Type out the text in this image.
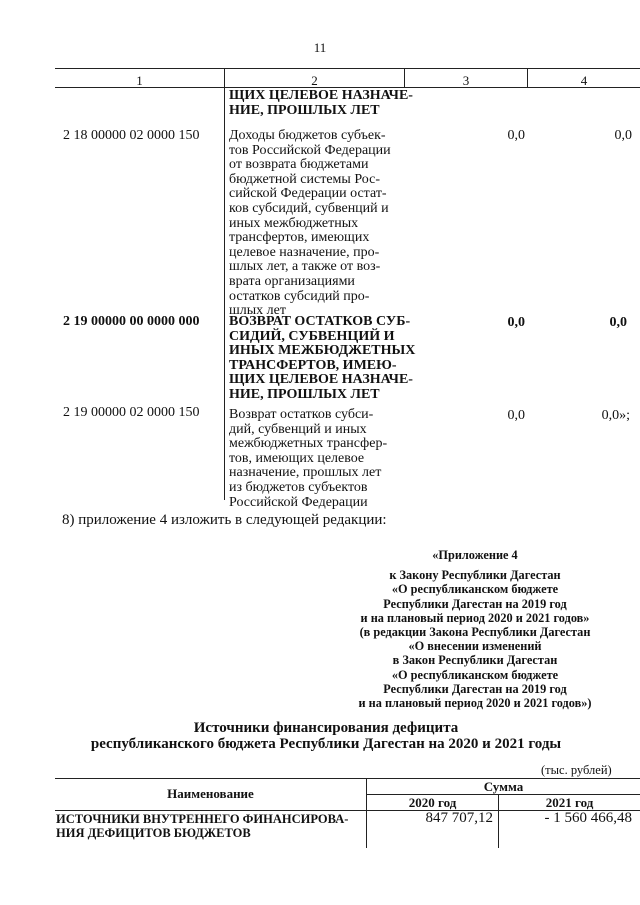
11
1	2	3	4
ЩИХ ЦЕЛЕВОЕ НАЗНАЧЕ-
НИЕ, ПРОШЛЫХ ЛЕТ
2 18 00000 02 0000 150 Доходы бюджетов субъек-
тов Российской Федерации
от возврата бюджетами
бюджетной системы Рос-
сийской Федерации остат-
ков субсидий, субвенций и
иных межбюджетных
трансфертов, имеющих
целевое назначение, про-
шлых лет, а также от воз-
врата организациями
остатков субсидий про-
шлых лет
0,0	0,0
2 19 00000 00 0000 000 ВОЗВРАТ ОСТАТКОВ СУБ-
СИДИЙ, СУБВЕНЦИЙ И
ИНЫХ МЕЖБЮДЖЕТНЫХ
ТРАНСФЕРТОВ, ИМЕЮ-
ЩИХ ЦЕЛЕВОЕ НАЗНАЧЕ-
НИЕ, ПРОШЛЫХ ЛЕТ
0,0	0,0
2 19 00000 02 0000 150 Возврат остатков субси-
дий, субвенций и иных
межбюджетных трансфер-
тов, имеющих целевое
назначение, прошлых лет
из бюджетов субъектов
Российской Федерации
0,0	0,0»;
8) приложение 4 изложить в следующей редакции:
«Приложение 4
к Закону Республики Дагестан
«О республиканском бюджете
Республики Дагестан на 2019 год
и на плановый период 2020 и 2021 годов»
(в редакции Закона Республики Дагестан
«О внесении изменений
в Закон Республики Дагестан
«О республиканском бюджете
Республики Дагестан на 2019 год
и на плановый период 2020 и 2021 годов»)
Источники финансирования дефицита
республиканского бюджета Республики Дагестан на 2020 и 2021 годы
(тыс. рублей)
Наименование	Сумма
2020 год	2021 год
ИСТОЧНИКИ ВНУТРЕННЕГО ФИНАНСИРОВА-
НИЯ ДЕФИЦИТОВ БЮДЖЕТОВ
847 707,12	- 1 560 466,48
